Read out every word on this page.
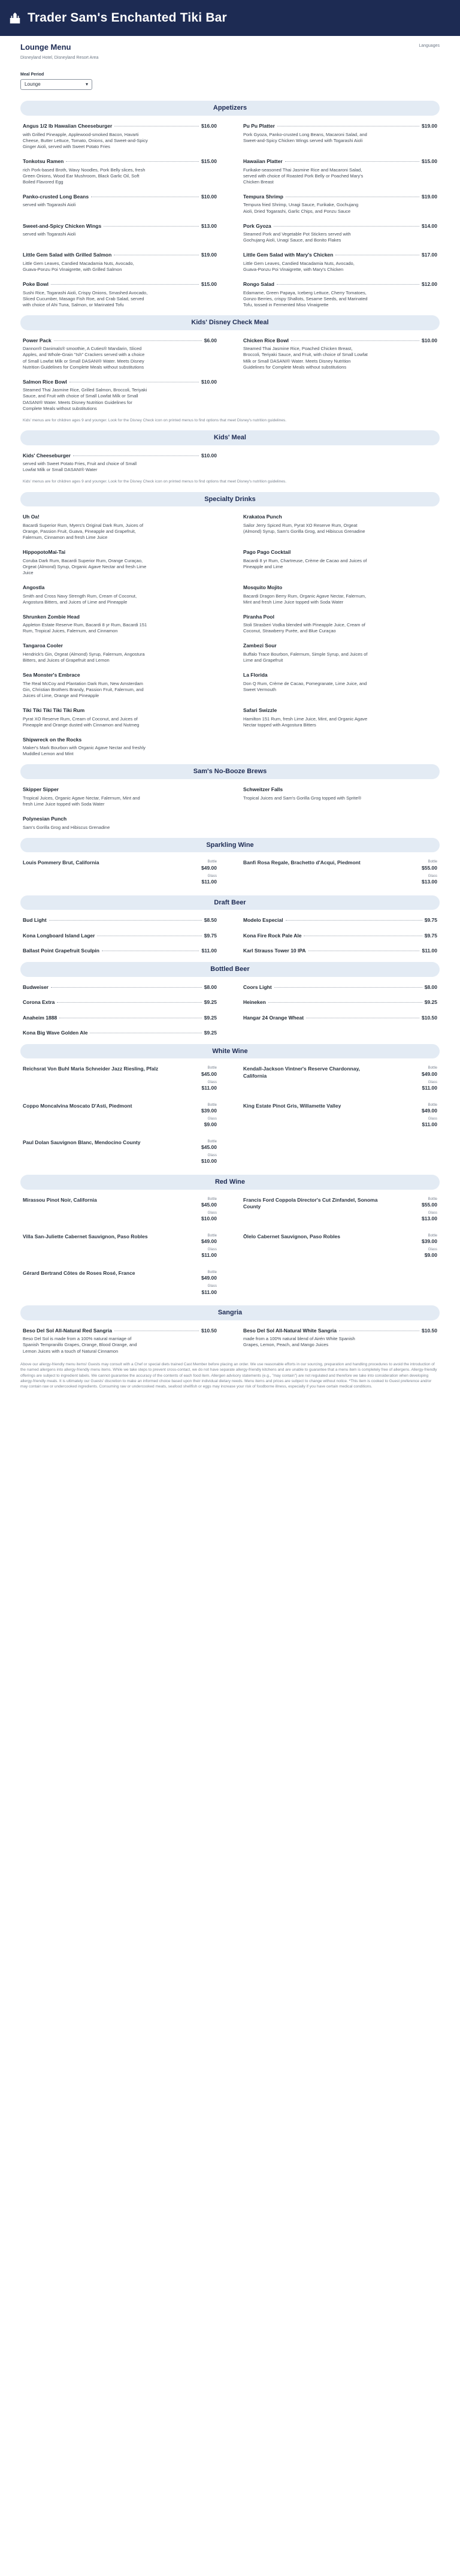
Trader Sam's Enchanted Tiki Bar
Lounge Menu
Disneyland Hotel, Disneyland Resort Area
Languages
Meal Period
Lounge	▾
Appetizers
Angus 1/2 lb Hawaiian Cheeseburger	$16.00
with Grilled Pineapple, Applewood-smoked Bacon, Havarti Cheese, Butter Lettuce, Tomato, Onions, and Sweet-and-Spicy Ginger Aioli, served with Sweet Potato Fries
Pu Pu Platter	$19.00
Pork Gyoza, Panko-crusted Long Beans, Macaroni Salad, and Sweet-and-Spicy Chicken Wings served with Togarashi Aioli
Tonkotsu Ramen	$15.00
rich Pork-based Broth, Wavy Noodles, Pork Belly slices, fresh Green Onions, Wood Ear Mushroom, Black Garlic Oil, Soft Boiled Flavored Egg
Hawaiian Platter	$15.00
Furikake-seasoned Thai Jasmine Rice and Macaroni Salad, served with choice of Roasted Pork Belly or Poached Mary's Chicken Breast
Panko-crusted Long Beans	$10.00
served with Togarashi Aioli
Tempura Shrimp	$19.00
Tempura fried Shrimp, Unagi Sauce, Furikake, Gochujang Aioli, Dried Togarashi, Garlic Chips, and Ponzu Sauce
Sweet-and-Spicy Chicken Wings	$13.00
served with Togarashi Aioli
Pork Gyoza	$14.00
Steamed Pork and Vegetable Pot Stickers served with Gochujang Aioli, Unagi Sauce, and Bonito Flakes
Little Gem Salad with Grilled Salmon	$19.00
Little Gem Leaves, Candied Macadamia Nuts, Avocado, Guava-Ponzu Poi Vinaigrette, with Grilled Salmon
Little Gem Salad with Mary's Chicken	$17.00
Little Gem Leaves, Candied Macadamia Nuts, Avocado, Guava-Ponzu Poi Vinaigrette, with Mary's Chicken
Poke Bowl	$15.00
Sushi Rice, Togarashi Aioli, Crispy Onions, Smashed Avocado, Sliced Cucumber, Masago Fish Roe, and Crab Salad, served with choice of Ahi Tuna, Salmon, or Marinated Tofu
Rongo Salad	$12.00
Edamame, Green Papaya, Iceberg Lettuce, Cherry Tomatoes, Gonzo Berries, crispy Shallots, Sesame Seeds, and Marinated Tofu, tossed in Fermented Miso Vinaigrette
Kids' Disney Check Meal
Power Pack	$6.00
Dannon® Danimals® smoothie, A Cuties® Mandarin, Sliced Apples, and Whole-Grain "Ish" Crackers served with a choice of Small Lowfat Milk or Small DASANI® Water. Meets Disney Nutrition Guidelines for Complete Meals without substitutions
Chicken Rice Bowl	$10.00
Steamed Thai Jasmine Rice, Poached Chicken Breast, Broccoli, Teriyaki Sauce, and Fruit, with choice of Small Lowfat Milk or Small DASANI® Water. Meets Disney Nutrition Guidelines for Complete Meals without substitutions
Salmon Rice Bowl	$10.00
Steamed Thai Jasmine Rice, Grilled Salmon, Broccoli, Teriyaki Sauce, and Fruit with choice of Small Lowfat Milk or Small DASANI® Water. Meets Disney Nutrition Guidelines for Complete Meals without substitutions
Kids' menus are for children ages 9 and younger. Look for the Disney Check icon on printed menus to find options that meet Disney's nutrition guidelines.
Kids' Meal
Kids' Cheeseburger	$10.00
served with Sweet Potato Fries, Fruit and choice of Small Lowfat Milk or Small DASANI® Water
Kids' menus are for children ages 9 and younger. Look for the Disney Check icon on printed menus to find options that meet Disney's nutrition guidelines.
Specialty Drinks
Uh Oa!
Bacardi Superior Rum, Myers's Original Dark Rum, Juices of Orange, Passion Fruit, Guava, Pineapple and Grapefruit, Falernum, Cinnamon and fresh Lime Juice
Krakatoa Punch
Sailor Jerry Spiced Rum, Pyrat XO Reserve Rum, Orgeat (Almond) Syrup, Sam's Gorilla Grog, and Hibiscus Grenadine
HippopotoMai-Tai
Coruba Dark Rum, Bacardi Superior Rum, Orange Curaçao, Orgeat (Almond) Syrup, Organic Agave Nectar and fresh Lime Juice
Pago Pago Cocktail
Bacardi 8 yr Rum, Chartreuse, Crème de Cacao and Juices of Pineapple and Lime
Angostla
Smith and Cross Navy Strength Rum, Cream of Coconut, Angostura Bitters, and Juices of Lime and Pineapple
Mosquito Mojito
Bacardi Dragon Berry Rum, Organic Agave Nectar, Falernum, Mint and fresh Lime Juice topped with Soda Water
Shrunken Zombie Head
Appleton Estate Reserve Rum, Bacardi 8 yr Rum, Bacardi 151 Rum, Tropical Juices, Falernum, and Cinnamon
Piranha Pool
Stoli Strasberi Vodka blended with Pineapple Juice, Cream of Coconut, Strawberry Purée, and Blue Curaçao
Tangaroa Cooler
Hendrick's Gin, Orgeat (Almond) Syrup, Falernum, Angostura Bitters, and Juices of Grapefruit and Lemon
Zambezi Sour
Buffalo Trace Bourbon, Falernum, Simple Syrup, and Juices of Lime and Grapefruit
Sea Monster's Embrace
The Real McCoy and Plantation Dark Rum, New Amsterdam Gin, Christian Brothers Brandy, Passion Fruit, Falernum, and Juices of Lime, Orange and Pineapple
La Florida
Don Q Rum, Crème de Cacao, Pomegranate, Lime Juice, and Sweet Vermouth
Tiki Tiki Tiki Tiki Tiki Rum
Pyrat XO Reserve Rum, Cream of Coconut, and Juices of Pineapple and Orange dusted with Cinnamon and Nutmeg
Safari Swizzle
Hamilton 151 Rum, fresh Lime Juice, Mint, and Organic Agave Nectar topped with Angostura Bitters
Shipwreck on the Rocks
Maker's Mark Bourbon with Organic Agave Nectar and freshly Muddled Lemon and Mint
Sam's No-Booze Brews
Skipper Sipper
Tropical Juices, Organic Agave Nectar, Falernum, Mint and fresh Lime Juice topped with Soda Water
Schweitzer Falls
Tropical Juices and Sam's Gorilla Grog topped with Sprite®
Polynesian Punch
Sam's Gorilla Grog and Hibiscus Grenadine
Sparkling Wine
Louis Pommery Brut, California	Bottle
$49.00
Glass
$11.00
Banfi Rosa Regale, Brachetto d'Acqui, Piedmont	Bottle
$55.00
Glass
$13.00
Draft Beer
Bud Light	$8.50	Modelo Especial	$9.75
Kona Longboard Island Lager	$9.75	Kona Fire Rock Pale Ale	$9.75
Ballast Point Grapefruit Sculpin	$11.00	Karl Strauss Tower 10 IPA	$11.00
Bottled Beer
Budweiser	$8.00	Coors Light	$8.00
Corona Extra	$9.25	Heineken	$9.25
Anaheim 1888	$9.25	Hangar 24 Orange Wheat	$10.50
Kona Big Wave Golden Ale	$9.25
White Wine
Reichsrat Von Buhl Maria Schneider Jazz Riesling, Pfalz	Bottle
$45.00
Glass
$11.00
Kendall-Jackson Vintner's Reserve Chardonnay, California
Bottle
$49.00
Glass
$11.00
Coppo Moncalvina Moscato D'Asti, Piedmont	Bottle
$39.00
Glass
$9.00
King Estate Pinot Gris, Willamette Valley	Bottle
$49.00
Glass
$11.00
Paul Dolan Sauvignon Blanc, Mendocino County	Bottle
$45.00
Glass
$10.00
Red Wine
Mirassou Pinot Noir, California	Bottle
$45.00
Glass
$10.00
Francis Ford Coppola Director's Cut Zinfandel, Sonoma County
Bottle
$55.00
Glass
$13.00
Villa San-Juliette Cabernet Sauvignon, Paso Robles	Bottle
$49.00
Glass
$11.00
Ōlelo Cabernet Sauvignon, Paso Robles	Bottle
$39.00
Glass
$9.00
Gérard Bertrand Côtes de Roses Rosé, France	Bottle
$49.00
Glass
$11.00
Sangria
Beso Del Sol All-Natural Red Sangria	$10.50
Beso Del Sol is made from a 100% natural marriage of Spanish Tempranillo Grapes, Orange, Blood Orange, and Lemon Juices with a touch of Natural Cinnamon
Beso Del Sol All-Natural White Sangria	$10.50
made from a 100% natural blend of Airén White Spanish Grapes, Lemon, Peach, and Mango Juices
Above our allergy-friendly menu items! Guests may consult with a Chef or special diets trained Cast Member before placing an order. We use reasonable efforts in our sourcing, preparation and handling procedures to avoid the introduction of the named allergens into allergy-friendly menu items. While we take steps to prevent cross-contact, we do not have separate allergy-friendly kitchens and are unable to guarantee that a menu item is completely free of allergens. Allergy-friendly offerings are subject to ingredient labels. We cannot guarantee the accuracy of the contents of each food item. Allergen advisory statements (e.g., "may contain") are not regulated and therefore we take into consideration when developing allergy-friendly meals. It is ultimately our Guests' discretion to make an informed choice based upon their individual dietary needs. Menu items and prices are subject to change without notice. *This item is cooked to Guest preference and/or may contain raw or undercooked ingredients. Consuming raw or undercooked meats, seafood shellfish or eggs may increase your risk of foodborne illness, especially if you have certain medical conditions.
